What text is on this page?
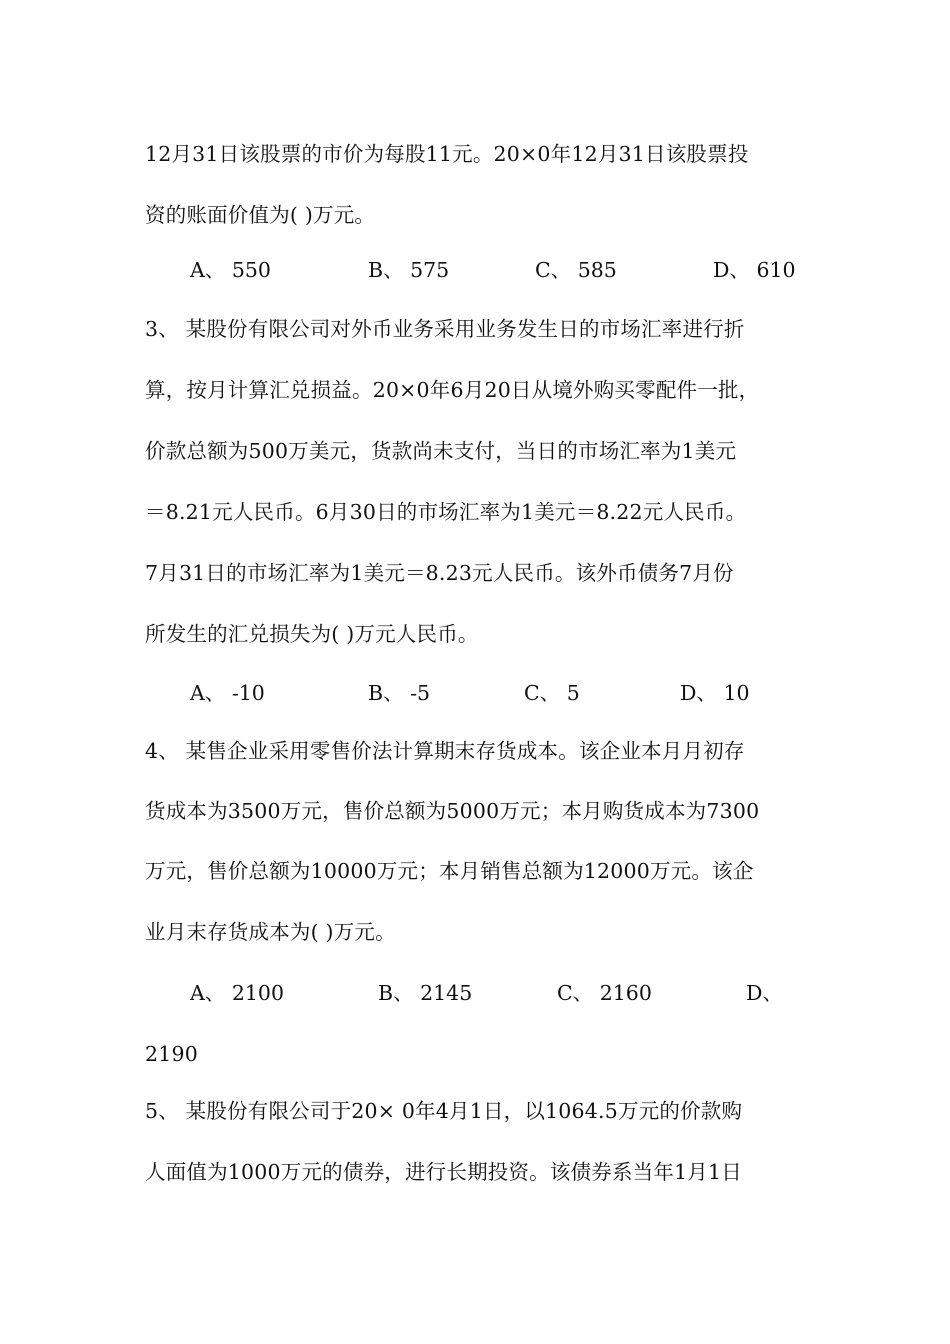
12月31日该股票的市价为每股11元。20×0年12月31日该股票投
资的账面价值为( )万元。
A、 550	B、 575	C、 585	D、 610
3、 某股份有限公司对外币业务采用业务发生日的市场汇率进行折
算，按月计算汇兑损益。20×0年6月20日从境外购买零配件一批，
价款总额为500万美元，货款尚未支付，当日的市场汇率为1美元
＝8.21元人民币。6月30日的市场汇率为1美元＝8.22元人民币。
7月31日的市场汇率为1美元＝8.23元人民币。该外币债务7月份
所发生的汇兑损失为( )万元人民币。
A、 -10	B、 -5	C、 5	D、 10
4、 某售企业采用零售价法计算期末存货成本。该企业本月月初存
货成本为3500万元，售价总额为5000万元；本月购货成本为7300
万元，售价总额为10000万元；本月销售总额为12000万元。该企
业月末存货成本为( )万元。
A、 2100	B、 2145	C、 2160	D、
2190
5、 某股份有限公司于20× 0年4月1日，以1064.5万元的价款购
人面值为1000万元的债券，进行长期投资。该债券系当年1月1日
